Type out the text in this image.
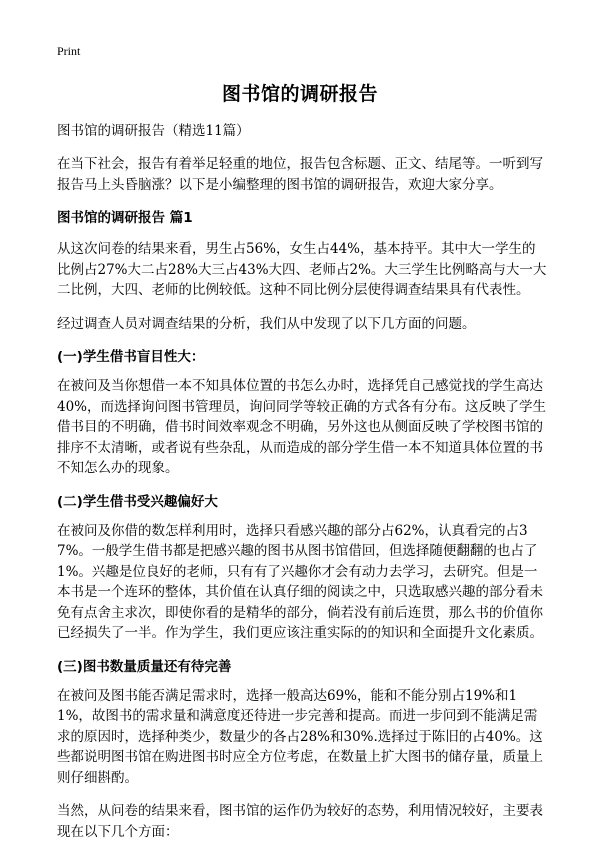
Print
图书馆的调研报告
图书馆的调研报告（精选11篇）

在当下社会，报告有着举足轻重的地位，报告包含标题、正文、结尾等。一听到写报告马上头昏脑涨？以下是小编整理的图书馆的调研报告，欢迎大家分享。

图书馆的调研报告 篇1

从这次问卷的结果来看，男生占56%，女生占44%，基本持平。其中大一学生的比例占27%大二占28%大三占43%大四、老师占2%。大三学生比例略高与大一大二比例，大四、老师的比例较低。这种不同比例分层使得调查结果具有代表性。

经过调查人员对调查结果的分析，我们从中发现了以下几方面的问题。

(一)学生借书盲目性大：

在被问及当你想借一本不知具体位置的书怎么办时，选择凭自己感觉找的学生高达40%，而选择询问图书管理员，询问同学等较正确的方式各有分布。这反映了学生借书目的不明确，借书时间效率观念不明确，另外这也从侧面反映了学校图书馆的排序不太清晰，或者说有些杂乱，从而造成的部分学生借一本不知道具体位置的书不知怎么办的现象。

(二)学生借书受兴趣偏好大

在被问及你借的数怎样利用时，选择只看感兴趣的部分占62%，认真看完的占37%。一般学生借书都是把感兴趣的图书从图书馆借回，但选择随便翻翻的也占了1%。兴趣是位良好的老师，只有有了兴趣你才会有动力去学习，去研究。但是一本书是一个连环的整体，其价值在认真仔细的阅读之中，只选取感兴趣的部分看未免有点舍主求次，即使你看的是精华的部分，倘若没有前后连贯，那么书的价值你已经损失了一半。作为学生，我们更应该注重实际的的知识和全面提升文化素质。

(三)图书数量质量还有待完善

在被问及图书能否满足需求时，选择一般高达69%，能和不能分别占19%和11%，故图书的需求量和满意度还待进一步完善和提高。而进一步问到不能满足需求的原因时，选择种类少，数量少的各占28%和30%.选择过于陈旧的占40%。这些都说明图书馆在购进图书时应全方位考虑，在数量上扩大图书的储存量，质量上则仔细斟酌。

当然，从问卷的结果来看，图书馆的运作仍为较好的态势，利用情况较好，主要表现在以下几个方面：
